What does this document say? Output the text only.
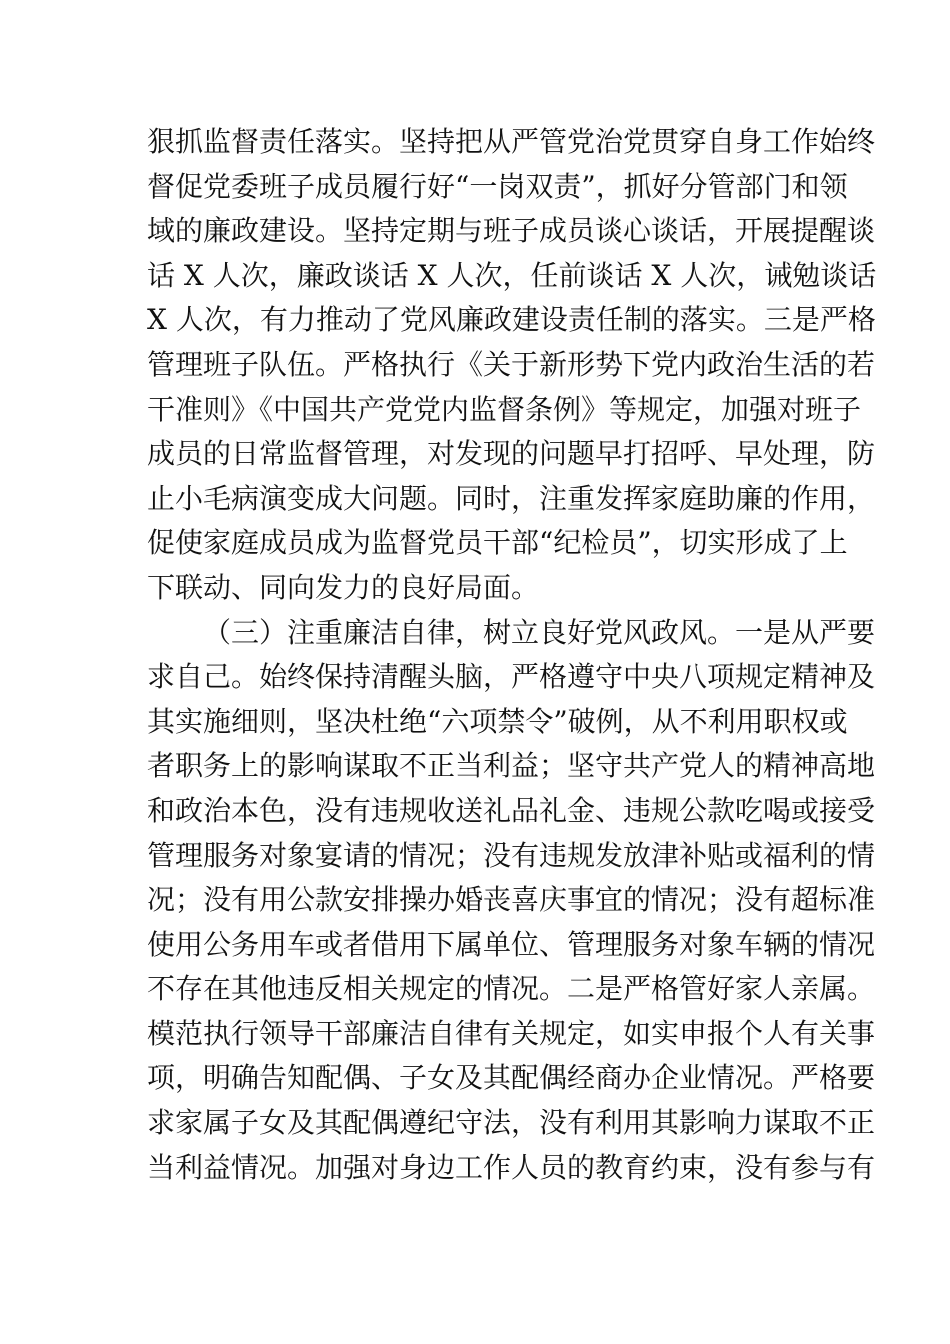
狠抓监督责任落实。坚持把从严管党治党贯穿自身工作始终
督促党委班子成员履行好“一岗双责”，抓好分管部门和领
域的廉政建设。坚持定期与班子成员谈心谈话，开展提醒谈
话 X 人次，廉政谈话 X 人次，任前谈话 X 人次，诫勉谈话
X 人次，有力推动了党风廉政建设责任制的落实。三是严格
管理班子队伍。严格执行《关于新形势下党内政治生活的若
干准则》《中国共产党党内监督条例》等规定，加强对班子
成员的日常监督管理，对发现的问题早打招呼、早处理，防
止小毛病演变成大问题。同时，注重发挥家庭助廉的作用，
促使家庭成员成为监督党员干部“纪检员”，切实形成了上
下联动、同向发力的良好局面。
（三）注重廉洁自律，树立良好党风政风。一是从严要
求自己。始终保持清醒头脑，严格遵守中央八项规定精神及
其实施细则，坚决杜绝“六项禁令”破例，从不利用职权或
者职务上的影响谋取不正当利益；坚守共产党人的精神高地
和政治本色，没有违规收送礼品礼金、违规公款吃喝或接受
管理服务对象宴请的情况；没有违规发放津补贴或福利的情
况；没有用公款安排操办婚丧喜庆事宜的情况；没有超标准
使用公务用车或者借用下属单位、管理服务对象车辆的情况
不存在其他违反相关规定的情况。二是严格管好家人亲属。
模范执行领导干部廉洁自律有关规定，如实申报个人有关事
项，明确告知配偶、子女及其配偶经商办企业情况。严格要
求家属子女及其配偶遵纪守法，没有利用其影响力谋取不正
当利益情况。加强对身边工作人员的教育约束，没有参与有
